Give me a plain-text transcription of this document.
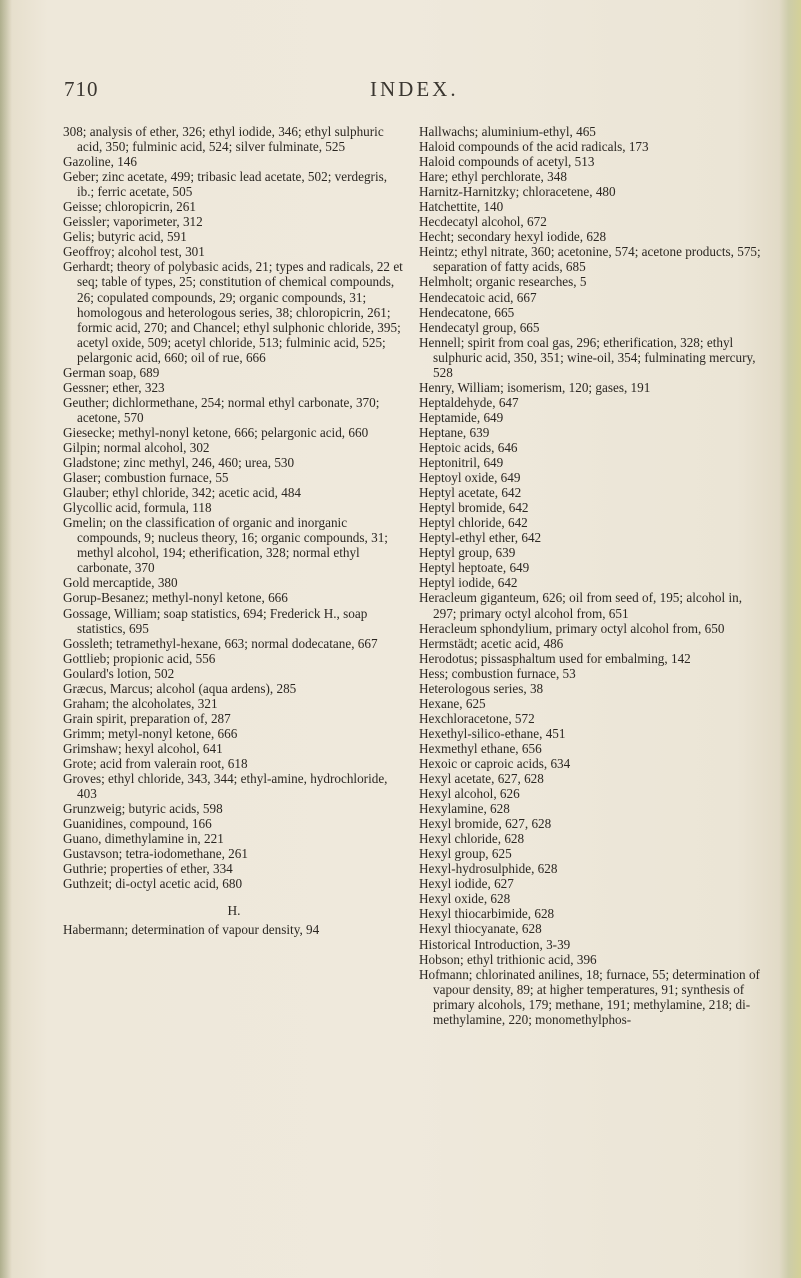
710	INDEX.

308; analysis of ether, 326; ethyl iodide, 346; ethyl sulphuric acid, 350; fulminic acid, 524; silver fulminate, 525

Gazoline, 146

Geber; zinc acetate, 499; tribasic lead acetate, 502; verdegris, ib.; ferric acetate, 505

Geisse; chloropicrin, 261

Geissler; vaporimeter, 312

Gelis; butyric acid, 591

Geoffroy; alcohol test, 301

Gerhardt; theory of polybasic acids, 21; types and radicals, 22 et seq; table of types, 25; constitution of chemical compounds, 26; copulated compounds, 29; organic compounds, 31; homologous and heterologous series, 38; chloropicrin, 261; formic acid, 270; and Chancel; ethyl sulphonic chloride, 395; acetyl oxide, 509; acetyl chloride, 513; fulminic acid, 525; pelargonic acid, 660; oil of rue, 666

German soap, 689

Gessner; ether, 323

Geuther; dichlormethane, 254; normal ethyl carbonate, 370; acetone, 570

Giesecke; methyl-nonyl ketone, 666; pelargonic acid, 660

Gilpin; normal alcohol, 302

Gladstone; zinc methyl, 246, 460; urea, 530

Glaser; combustion furnace, 55

Glauber; ethyl chloride, 342; acetic acid, 484

Glycollic acid, formula, 118

Gmelin; on the classification of organic and inorganic compounds, 9; nucleus theory, 16; organic compounds, 31; methyl alcohol, 194; etherification, 328; normal ethyl carbonate, 370

Gold mercaptide, 380

Gorup-Besanez; methyl-nonyl ketone, 666

Gossage, William; soap statistics, 694; Frederick H., soap statistics, 695

Gossleth; tetramethyl-hexane, 663; normal dodecatane, 667

Gottlieb; propionic acid, 556

Goulard's lotion, 502

Græcus, Marcus; alcohol (aqua ardens), 285

Graham; the alcoholates, 321

Grain spirit, preparation of, 287

Grimm; metyl-nonyl ketone, 666

Grimshaw; hexyl alcohol, 641

Grote; acid from valerain root, 618

Groves; ethyl chloride, 343, 344; ethyl-amine, hydrochloride, 403

Grunzweig; butyric acids, 598

Guanidines, compound, 166

Guano, dimethylamine in, 221

Gustavson; tetra-iodomethane, 261

Guthrie; properties of ether, 334

Guthzeit; di-octyl acetic acid, 680

H.

Habermann; determination of vapour density, 94

Hallwachs; aluminium-ethyl, 465

Haloid compounds of the acid radicals, 173

Haloid compounds of acetyl, 513

Hare; ethyl perchlorate, 348

Harnitz-Harnitzky; chloracetene, 480

Hatchettite, 140

Hecdecatyl alcohol, 672

Hecht; secondary hexyl iodide, 628

Heintz; ethyl nitrate, 360; acetonine, 574; acetone products, 575; separation of fatty acids, 685

Helmholt; organic researches, 5

Hendecatoic acid, 667

Hendecatone, 665

Hendecatyl group, 665

Hennell; spirit from coal gas, 296; etherification, 328; ethyl sulphuric acid, 350, 351; wine-oil, 354; fulminating mercury, 528

Henry, William; isomerism, 120; gases, 191

Heptaldehyde, 647

Heptamide, 649

Heptane, 639

Heptoic acids, 646

Heptonitril, 649

Heptoyl oxide, 649

Heptyl acetate, 642

Heptyl bromide, 642

Heptyl chloride, 642

Heptyl-ethyl ether, 642

Heptyl group, 639

Heptyl heptoate, 649

Heptyl iodide, 642

Heracleum giganteum, 626; oil from seed of, 195; alcohol in, 297; primary octyl alcohol from, 651

Heracleum sphondylium, primary octyl alcohol from, 650

Hermstädt; acetic acid, 486

Herodotus; pissasphaltum used for embalming, 142

Hess; combustion furnace, 53

Heterologous series, 38

Hexane, 625

Hexchloracetone, 572

Hexethyl-silico-ethane, 451

Hexmethyl ethane, 656

Hexoic or caproic acids, 634

Hexyl acetate, 627, 628

Hexyl alcohol, 626

Hexylamine, 628

Hexyl bromide, 627, 628

Hexyl chloride, 628

Hexyl group, 625

Hexyl-hydrosulphide, 628

Hexyl iodide, 627

Hexyl oxide, 628

Hexyl thiocarbimide, 628

Hexyl thiocyanate, 628

Historical Introduction, 3-39

Hobson; ethyl trithionic acid, 396

Hofmann; chlorinated anilines, 18; furnace, 55; determination of vapour density, 89; at higher temperatures, 91; synthesis of primary alcohols, 179; methane, 191; methylamine, 218; di-methylamine, 220; monomethylphos-
